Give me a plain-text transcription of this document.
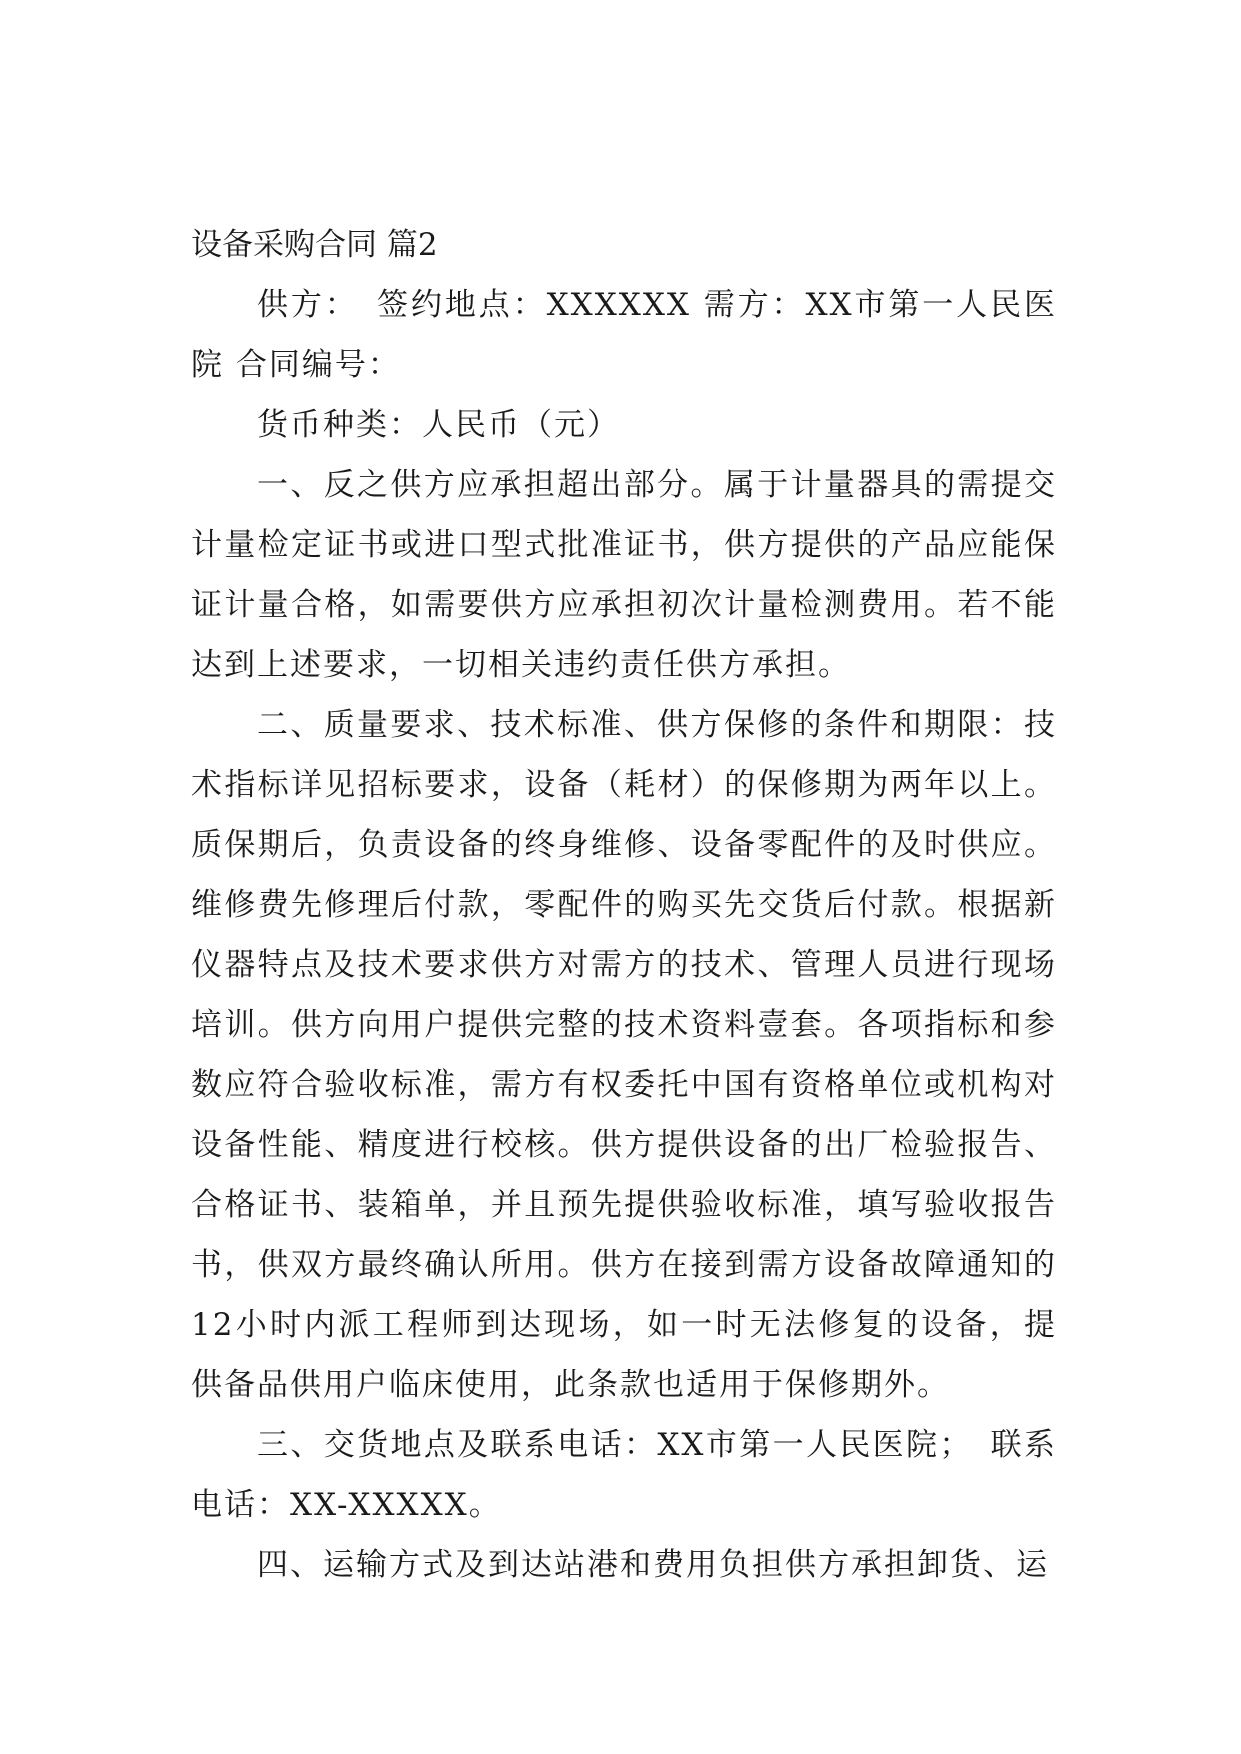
设备采购合同 篇2

供方：　签约地点：XXXXXX 需方：XX市第一人民医院 合同编号：

货币种类：人民币（元）

一、反之供方应承担超出部分。属于计量器具的需提交计量检定证书或进口型式批准证书，供方提供的产品应能保证计量合格，如需要供方应承担初次计量检测费用。若不能达到上述要求，一切相关违约责任供方承担。

二、质量要求、技术标准、供方保修的条件和期限：技术指标详见招标要求，设备（耗材）的保修期为两年以上。质保期后，负责设备的终身维修、设备零配件的及时供应。维修费先修理后付款，零配件的购买先交货后付款。根据新仪器特点及技术要求供方对需方的技术、管理人员进行现场培训。供方向用户提供完整的技术资料壹套。各项指标和参数应符合验收标准，需方有权委托中国有资格单位或机构对设备性能、精度进行校核。供方提供设备的出厂检验报告、合格证书、装箱单，并且预先提供验收标准，填写验收报告书，供双方最终确认所用。供方在接到需方设备故障通知的12小时内派工程师到达现场，如一时无法修复的设备，提供备品供用户临床使用，此条款也适用于保修期外。

三、交货地点及联系电话：XX市第一人民医院；　联系电话：XX-XXXXX。

四、运输方式及到达站港和费用负担供方承担卸货、运
